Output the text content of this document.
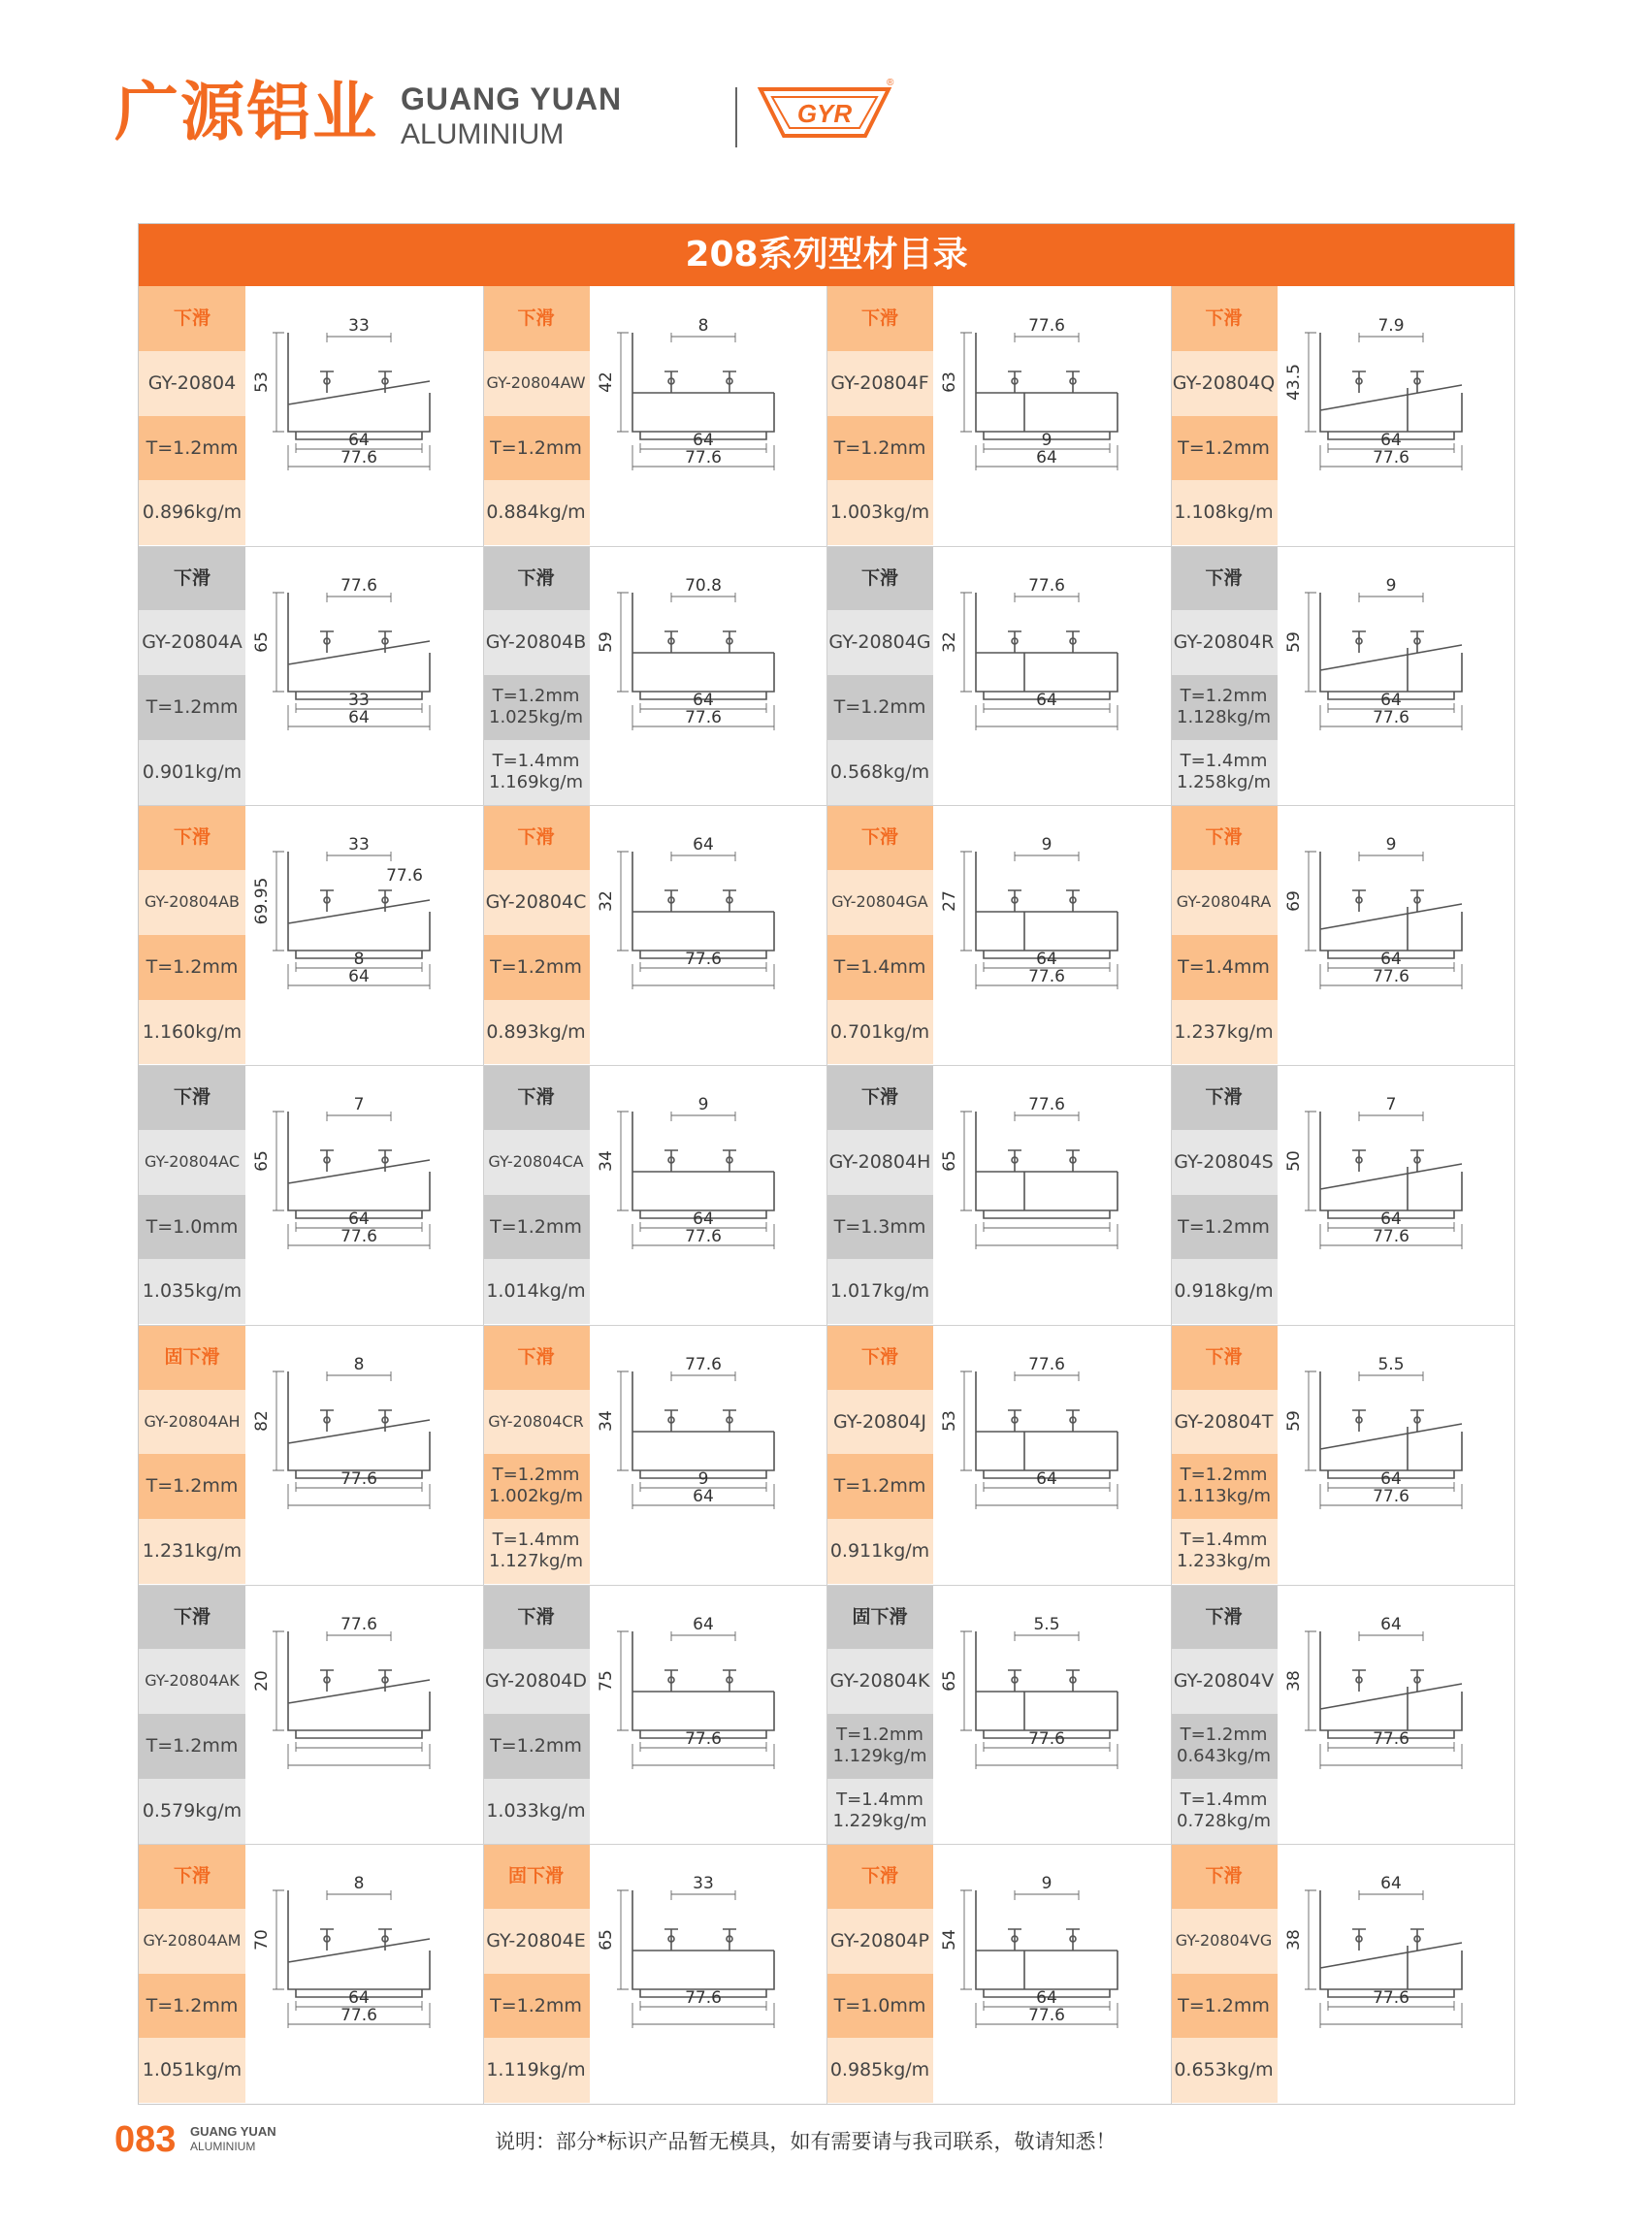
广源铝业 GUANG YUAN
ALUMINIUM
GYR
®
208系列型材目录
下滑
GY-20804
T=1.2mm
0.896kg/m
53
33
64
77.6
下滑
GY-20804AW
T=1.2mm
0.884kg/m
42
8
64
77.6
下滑
GY-20804F
T=1.2mm
1.003kg/m
63
77.6
9
64
下滑
GY-20804Q
T=1.2mm
1.108kg/m
43.5
7.9
64
77.6
下滑
GY-20804A
T=1.2mm
0.901kg/m
65
77.6
33
64
下滑
GY-20804B
T=1.2mm
1.025kg/m
T=1.4mm
1.169kg/m
59
70.8
64
77.6
下滑
GY-20804G
T=1.2mm
0.568kg/m
32
77.6
64
下滑
GY-20804R
T=1.2mm
1.128kg/m
T=1.4mm
1.258kg/m
59
9
64
77.6
下滑
GY-20804AB
T=1.2mm
1.160kg/m
69.95
33
8
64
77.6
下滑
GY-20804C
T=1.2mm
0.893kg/m
32
64
77.6
下滑
GY-20804GA
T=1.4mm
0.701kg/m
27
9
64
77.6
下滑
GY-20804RA
T=1.4mm
1.237kg/m
69
9
64
77.6
下滑
GY-20804AC
T=1.0mm
1.035kg/m
65
7
64
77.6
下滑
GY-20804CA
T=1.2mm
1.014kg/m
34
9
64
77.6
下滑
GY-20804H
T=1.3mm
1.017kg/m
65
77.6	下滑
GY-20804S
T=1.2mm
0.918kg/m
50
7
64
77.6
固下滑
GY-20804AH
T=1.2mm
1.231kg/m
82
8
77.6
下滑
GY-20804CR
T=1.2mm
1.002kg/m
T=1.4mm
1.127kg/m
34
77.6
9
64
下滑
GY-20804J
T=1.2mm
0.911kg/m
53
77.6
64
下滑
GY-20804T
T=1.2mm
1.113kg/m
T=1.4mm
1.233kg/m
59
5.5
64
77.6
下滑
GY-20804AK
T=1.2mm
0.579kg/m
20
77.6	下滑
GY-20804D
T=1.2mm
1.033kg/m
75
64
77.6
固下滑
GY-20804K
T=1.2mm
1.129kg/m
T=1.4mm
1.229kg/m
65
5.5
77.6
下滑
GY-20804V
T=1.2mm
0.643kg/m
T=1.4mm
0.728kg/m
38
64
77.6
下滑
GY-20804AM
T=1.2mm
1.051kg/m
70
8
64
77.6
固下滑
GY-20804E
T=1.2mm
1.119kg/m
65
33
77.6
下滑
GY-20804P
T=1.0mm
0.985kg/m
54
9
64
77.6
下滑
GY-20804VG
T=1.2mm
0.653kg/m
38
64
77.6
083 GUANG YUAN
ALUMINIUM	说明：部分*标识产品暂无模具，如有需要请与我司联系，敬请知悉！
